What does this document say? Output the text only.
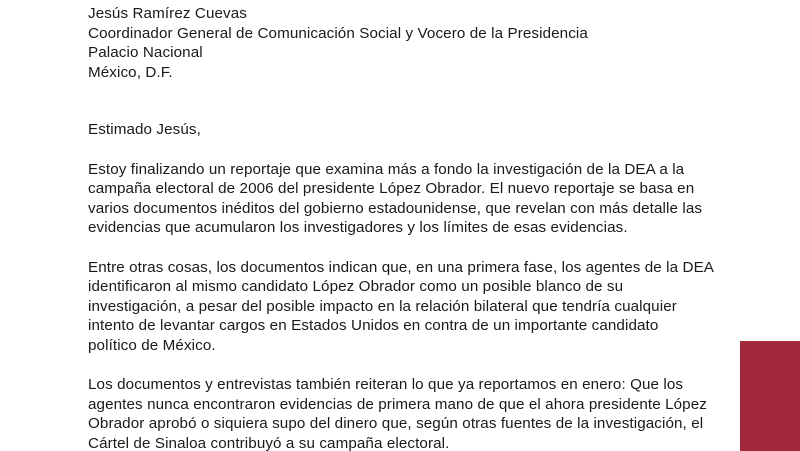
Jesús Ramírez Cuevas
Coordinador General de Comunicación Social y Vocero de la Presidencia
Palacio Nacional
México, D.F.
Estimado Jesús,
Estoy finalizando un reportaje que examina más a fondo la investigación de la DEA a la
campaña electoral de 2006 del presidente López Obrador. El nuevo reportaje se basa en
varios documentos inéditos del gobierno estadounidense, que revelan con más detalle las
evidencias que acumularon los investigadores y los límites de esas evidencias.
Entre otras cosas, los documentos indican que, en una primera fase, los agentes de la DEA
identificaron al mismo candidato López Obrador como un posible blanco de su
investigación, a pesar del posible impacto en la relación bilateral que tendría cualquier
intento de levantar cargos en Estados Unidos en contra de un importante candidato
político de México.
Los documentos y entrevistas también reiteran lo que ya reportamos en enero: Que los
agentes nunca encontraron evidencias de primera mano de que el ahora presidente López
Obrador aprobó o siquiera supo del dinero que, según otras fuentes de la investigación, el
Cártel de Sinaloa contribuyó a su campaña electoral.
